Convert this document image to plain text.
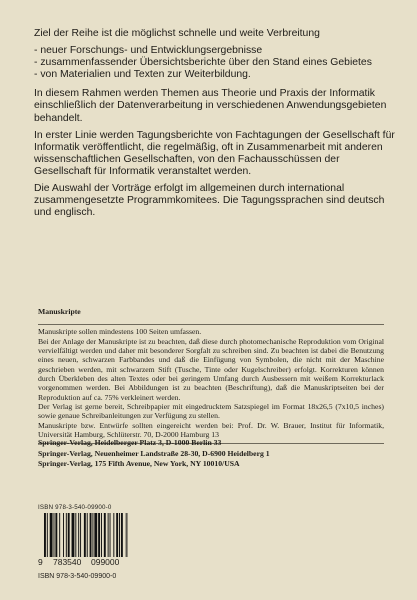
Ziel der Reihe ist die möglichst schnelle und weite Verbreitung

- neuer Forschungs- und Entwicklungsergebnisse
- zusammenfassender Übersichtsberichte über den Stand eines Gebietes
- von Materialien und Texten zur Weiterbildung.

In diesem Rahmen werden Themen aus Theorie und Praxis der Informatik einschließlich der Datenverarbeitung in verschiedenen Anwendungsgebieten behandelt.

In erster Linie werden Tagungsberichte von Fachtagungen der Gesellschaft für Informatik veröffentlicht, die regelmäßig, oft in Zusammenarbeit mit anderen wissenschaftlichen Gesellschaften, von den Fachausschüssen der Gesellschaft für Informatik veranstaltet werden.

Die Auswahl der Vorträge erfolgt im allgemeinen durch international zusammengesetzte Programmkomitees. Die Tagungssprachen sind deutsch und englisch.

Manuskripte
Manuskripte sollen mindestens 100 Seiten umfassen.
Bei der Anlage der Manuskripte ist zu beachten, daß diese durch photomechanische Reproduktion vom Original vervielfältigt werden und daher mit besonderer Sorgfalt zu schreiben sind. Zu beachten ist dabei die Benutzung eines neuen, schwarzen Farbbandes und daß die Einfügung von Symbolen, die nicht mit der Maschine geschrieben werden, mit schwarzem Stift (Tusche, Tinte oder Kugelschreiber) erfolgt. Korrekturen können durch Überkleben des alten Textes oder bei geringem Umfang durch Ausbessern mit weißem Korrekturlack vorgenommen werden. Bei Abbildungen ist zu beachten (Beschriftung), daß die Manuskriptseiten bei der Reproduktion auf ca. 75% verkleinert werden.
Der Verlag ist gerne bereit, Schreibpapier mit eingedrucktem Satzspiegel im Format 18x26,5 (7x10,5 inches) sowie genaue Schreibanleitungen zur Verfügung zu stellen.
Manuskripte bzw. Entwürfe sollten eingereicht werden bei: Prof. Dr. W. Brauer, Institut für Informatik, Universität Hamburg, Schlüterstr. 70, D-2000 Hamburg 13
Springer-Verlag, Heidelberger Platz 3, D-1000 Berlin 33
Springer-Verlag, Neuenheimer Landstraße 28-30, D-6900 Heidelberg 1
Springer-Verlag, 175 Fifth Avenue, New York, NY 10010/USA
ISBN 978-3-540-09900-0
9 783540 099000
ISBN 978-3-540-09900-0
